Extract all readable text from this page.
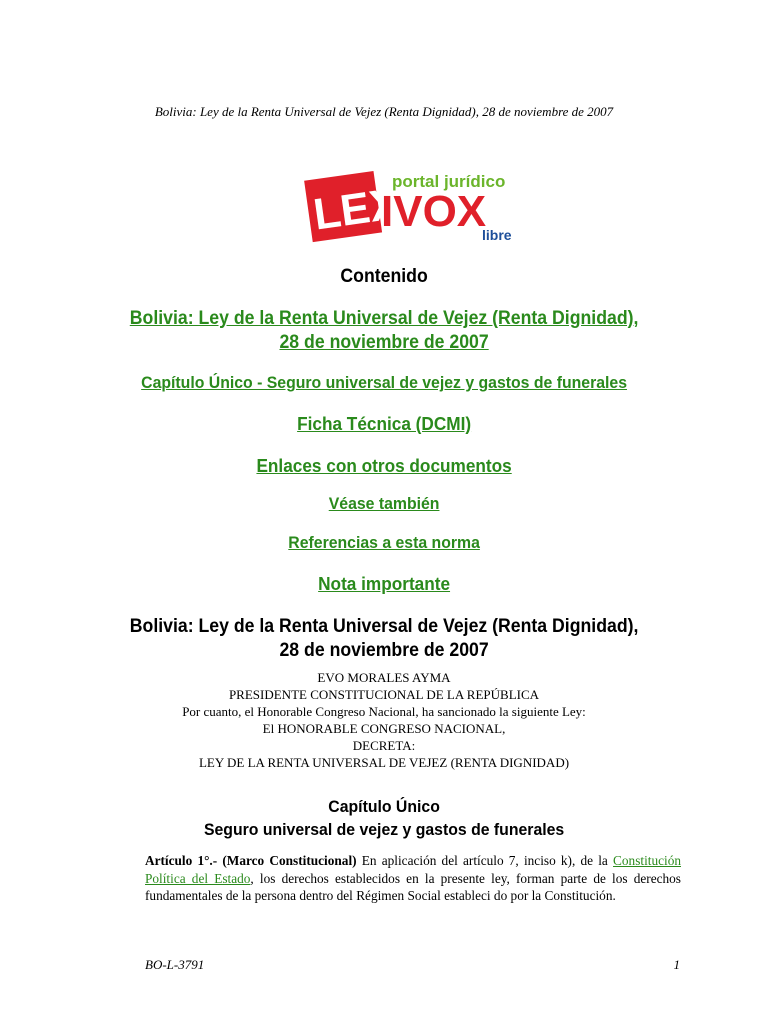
Bolivia: Ley de la Renta Universal de Vejez (Renta Dignidad), 28 de noviembre de 2007
LEX
portal jurídico
IVOX
libre
Contenido
Bolivia: Ley de la Renta Universal de Vejez (Renta Dignidad),
28 de noviembre de 2007
Capítulo Único - Seguro universal de vejez y gastos de funerales
Ficha Técnica (DCMI)
Enlaces con otros documentos
Véase también
Referencias a esta norma
Nota importante
Bolivia: Ley de la Renta Universal de Vejez (Renta Dignidad),
28 de noviembre de 2007
EVO MORALES AYMA
PRESIDENTE CONSTITUCIONAL DE LA REPÚBLICA
Por cuanto, el Honorable Congreso Nacional, ha sancionado la siguiente Ley:
El HONORABLE CONGRESO NACIONAL,
DECRETA:
LEY DE LA RENTA UNIVERSAL DE VEJEZ (RENTA DIGNIDAD)
Capítulo Único
Seguro universal de vejez y gastos de funerales
Artículo 1°.- (Marco Constitucional) En aplicación del artículo 7, inciso k), de la Constitución Política del Estado, los derechos establecidos en la presente ley, forman parte de los derechos fundamentales de la persona dentro del Régimen Social estableci do por la Constitución.
BO-L-3791	1
